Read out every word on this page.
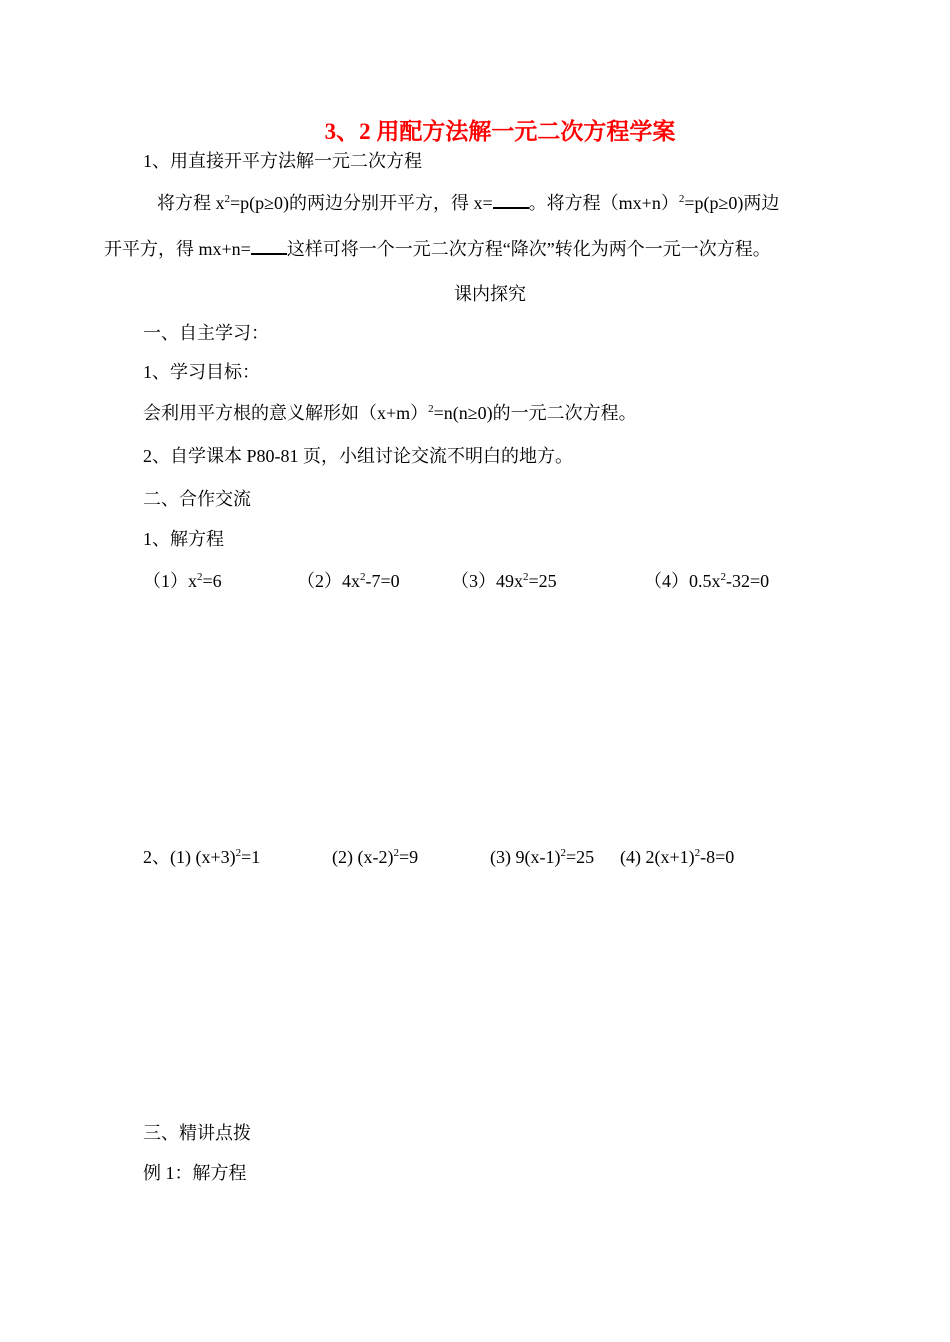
3、2 用配方法解一元二次方程学案
1、用直接开平方法解一元二次方程
将方程 $x^2=p(p\ge 0)$的两边分别开平方，得 x= 。将方程$(mx+n)^2=p(p\ge 0)$两边
开平方，得 mx+n= 这样可将一个一元二次方程“降次”转化为两个一元一次方程。
课内探究
一、自主学习：
1、学习目标：
会利用平方根的意义解形如$(x+m)^2=n(n\ge 0)$的一元二次方程。
2、自学课本 P80-81 页，小组讨论交流不明白的地方。
二、合作交流
1、解方程
$(1)x^2=6$	$(2)4x^2-7=0$	$(3)49x^2=25$	$(4)0.5x^2-32=0$
2、(1) $(x+3)^2=1$	(2) $(x-2)^2=9$	(3) $9(x-1)^2=25$ (4) $2(x+1)^2-8=0$
三、精讲点拨
例 1：解方程
